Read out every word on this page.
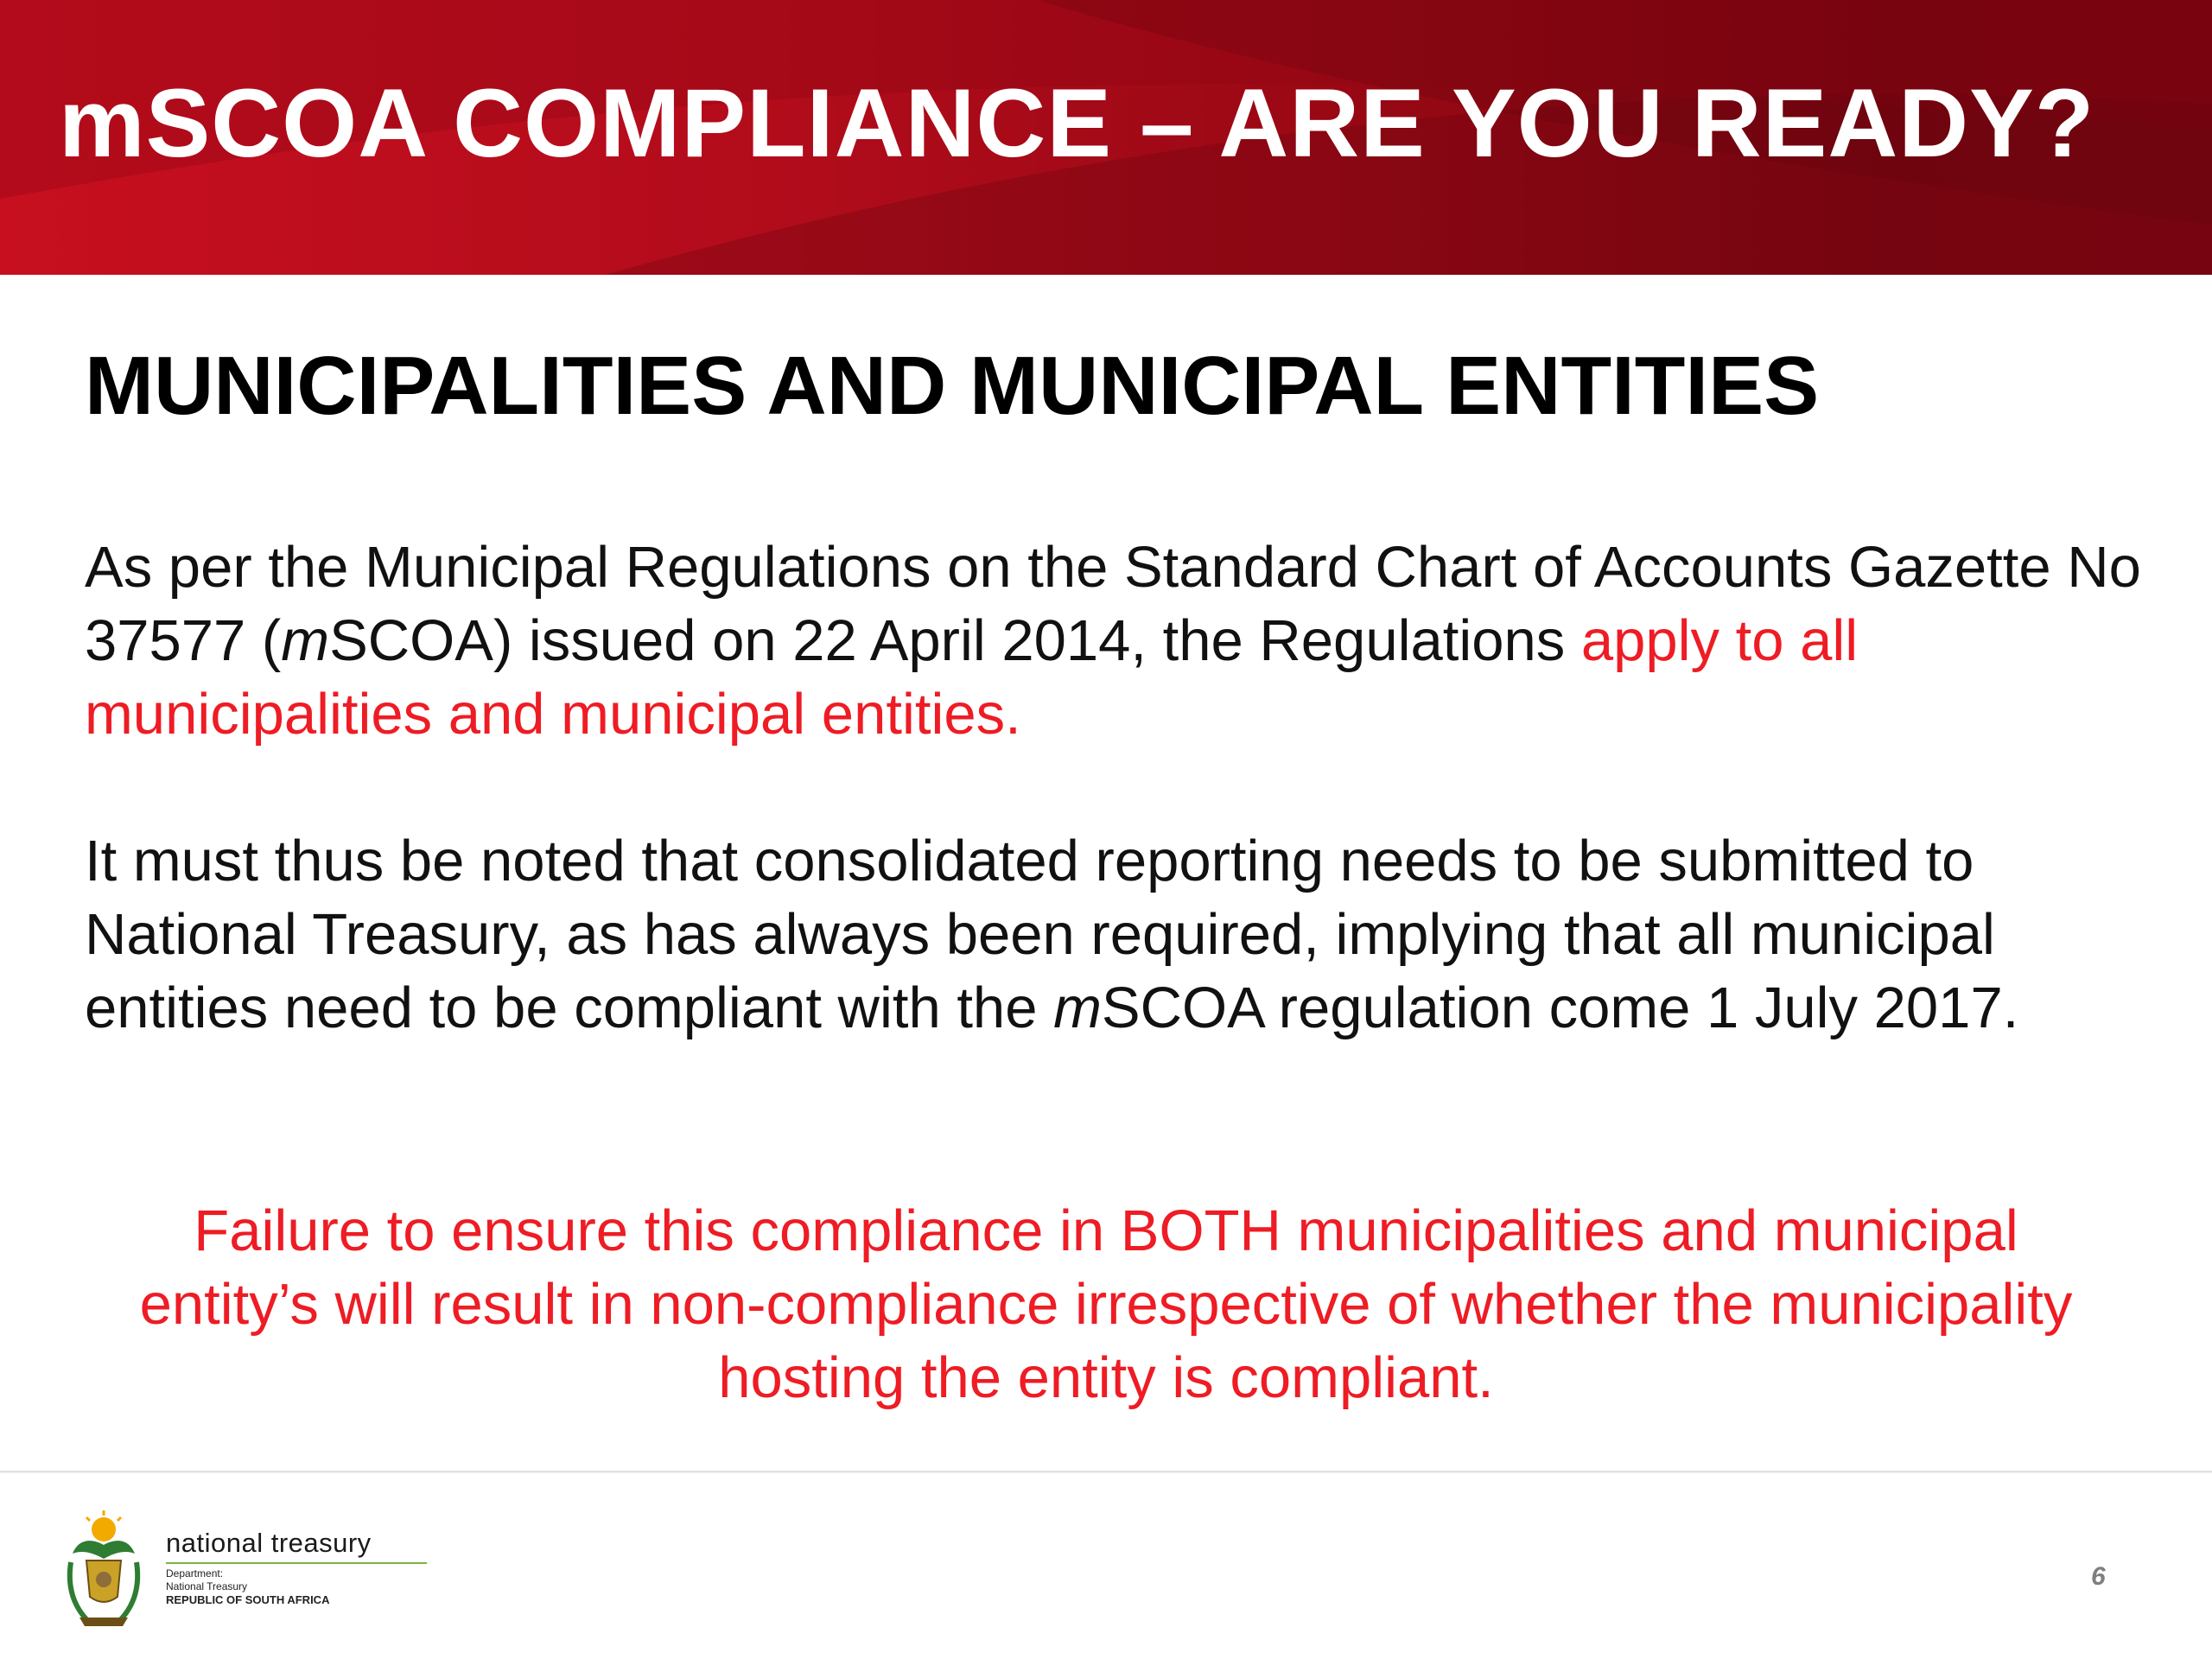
mSCOA COMPLIANCE – ARE YOU READY?
MUNICIPALITIES AND MUNICIPAL ENTITIES
As per the Municipal Regulations on the Standard Chart of Accounts Gazette No 37577 (mSCOA) issued on 22 April 2014, the Regulations apply to all municipalities and municipal entities.
It must thus be noted that consolidated reporting needs to be submitted to National Treasury, as has always been required, implying that all municipal entities need to be compliant with the mSCOA regulation come 1 July 2017.
Failure to ensure this compliance in BOTH municipalities and municipal entity’s will result in non-compliance irrespective of whether the municipality hosting the entity is compliant.
national treasury
Department:
National Treasury
REPUBLIC OF SOUTH AFRICA
6
